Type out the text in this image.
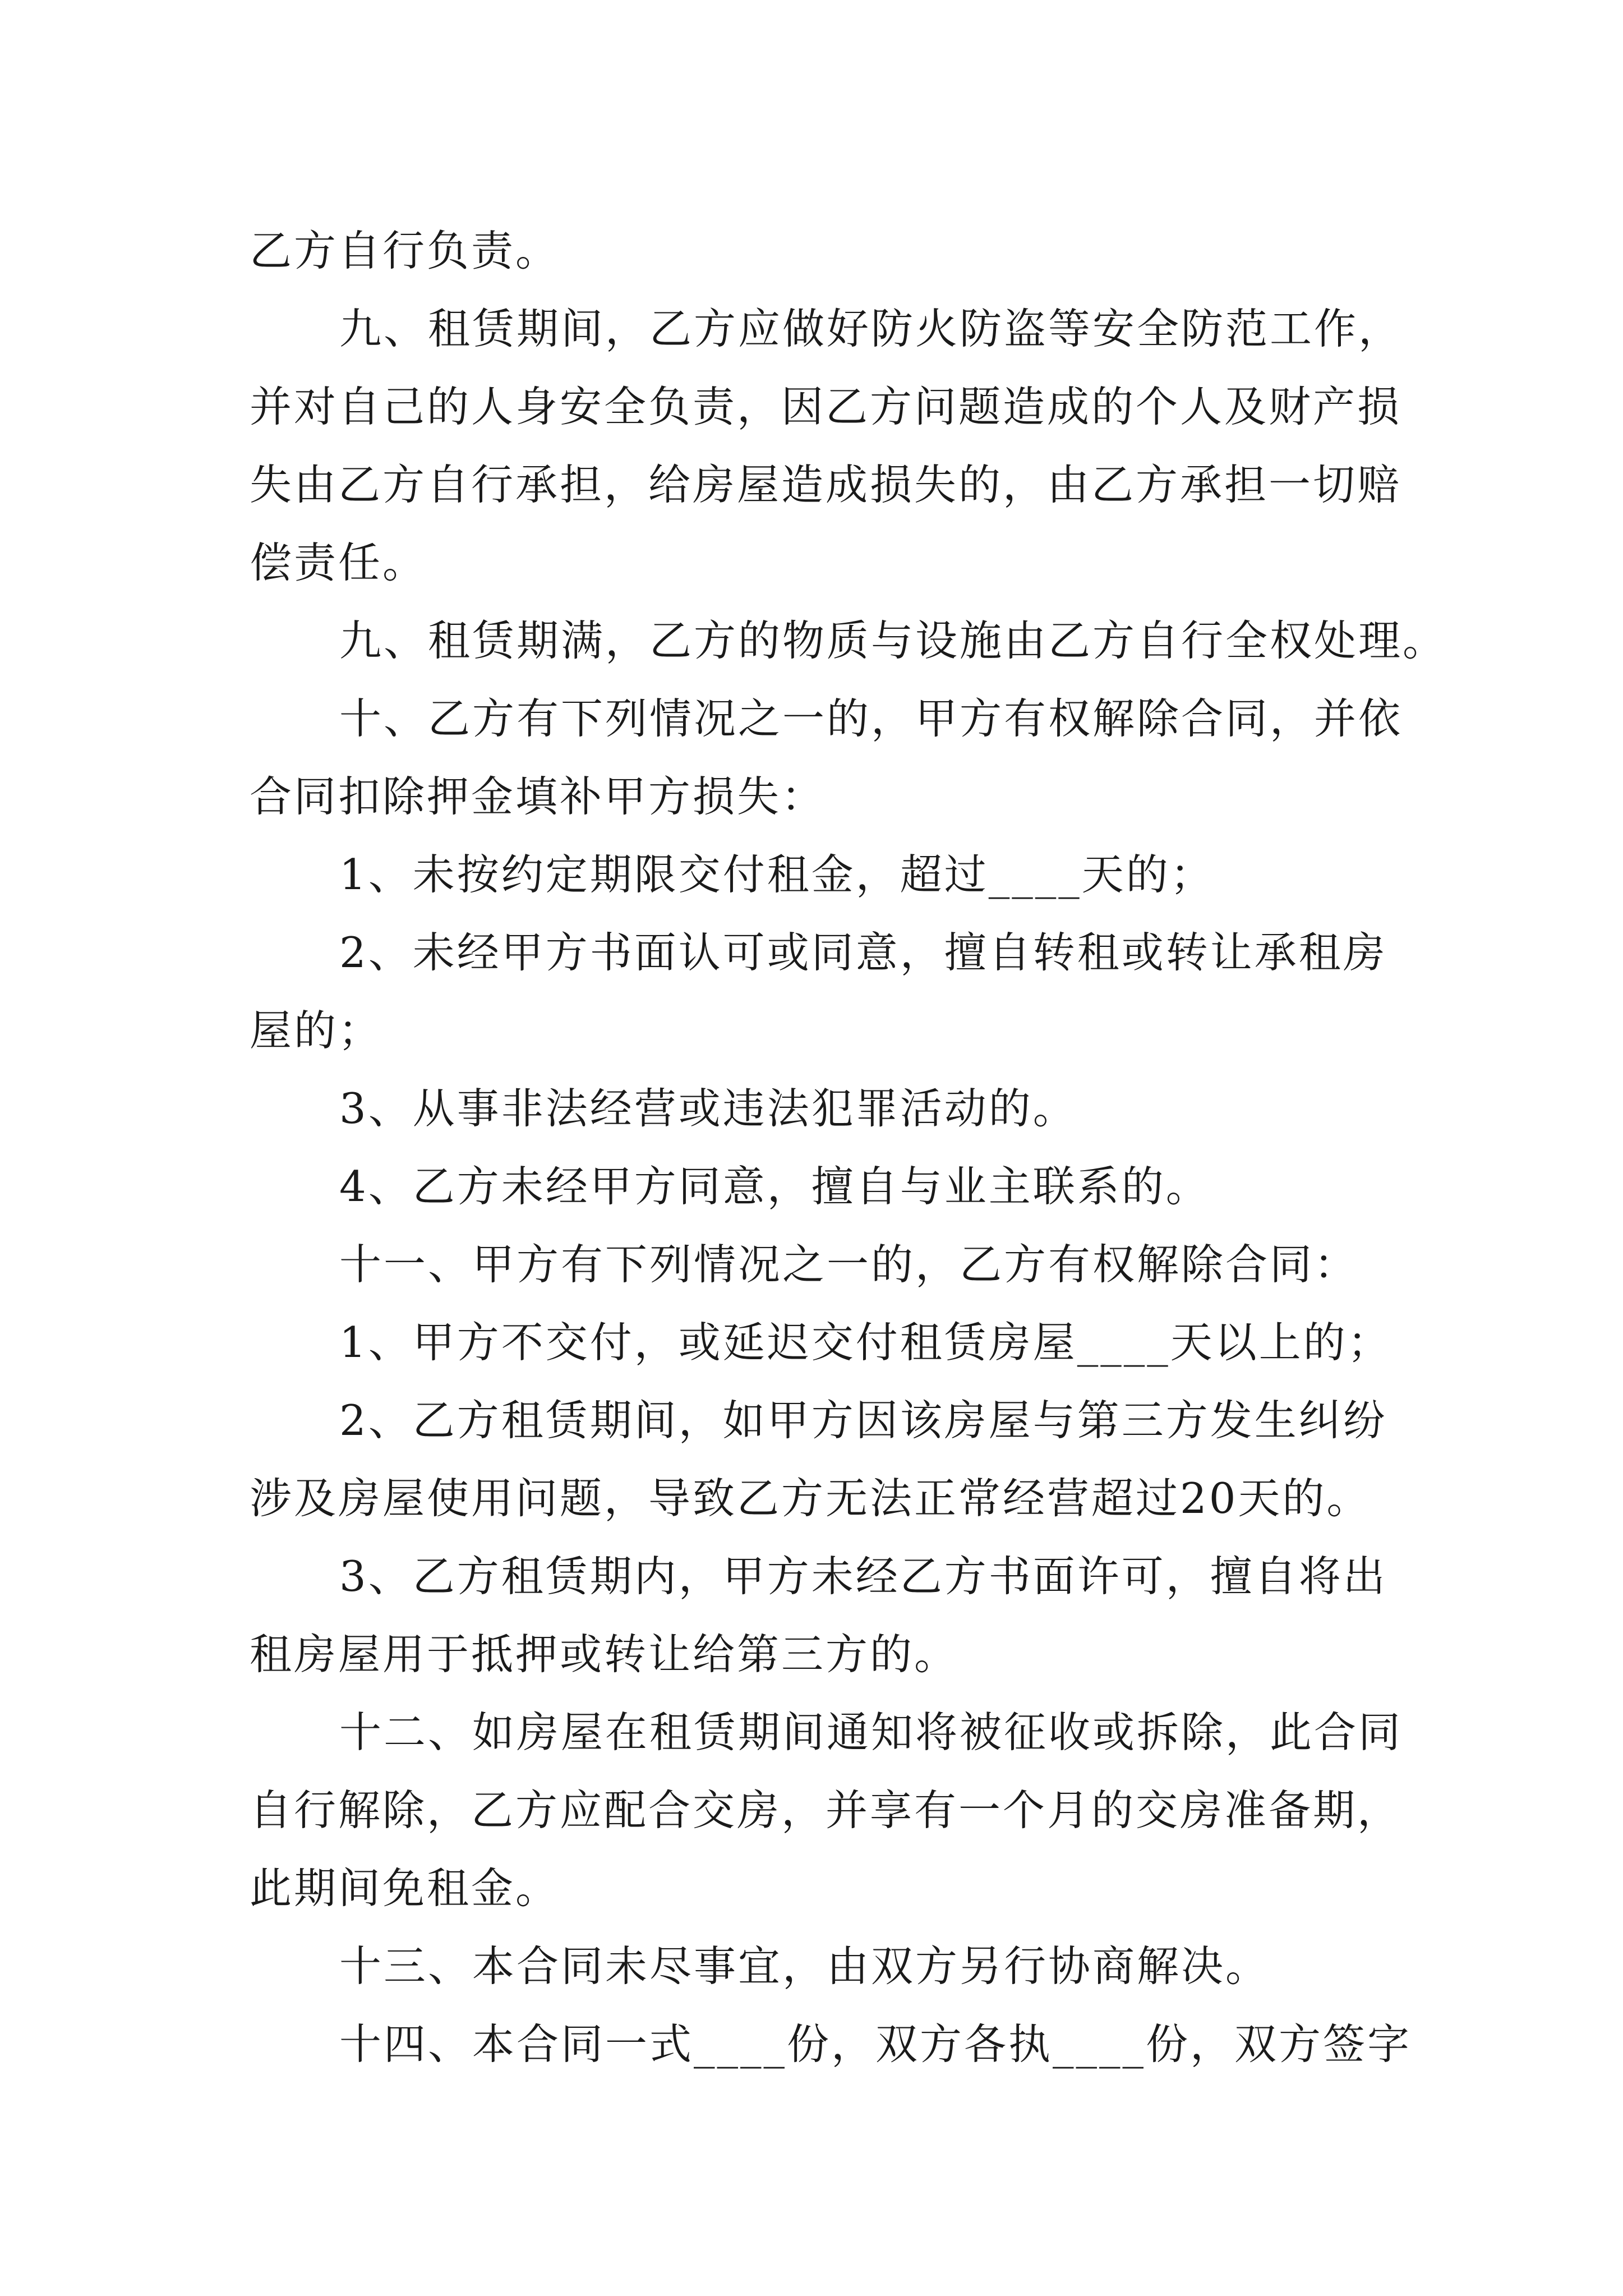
乙方自行负责。
九、租赁期间，乙方应做好防火防盗等安全防范工作，
并对自己的人身安全负责，因乙方问题造成的个人及财产损
失由乙方自行承担，给房屋造成损失的，由乙方承担一切赔
偿责任。
九、租赁期满，乙方的物质与设施由乙方自行全权处理。
十、乙方有下列情况之一的，甲方有权解除合同，并依
合同扣除押金填补甲方损失：
1、未按约定期限交付租金，超过____天的；
2、未经甲方书面认可或同意，擅自转租或转让承租房
屋的；
3、从事非法经营或违法犯罪活动的。
4、乙方未经甲方同意，擅自与业主联系的。
十一、甲方有下列情况之一的，乙方有权解除合同：
1、甲方不交付，或延迟交付租赁房屋____天以上的；
2、乙方租赁期间，如甲方因该房屋与第三方发生纠纷
涉及房屋使用问题，导致乙方无法正常经营超过20天的。
3、乙方租赁期内，甲方未经乙方书面许可，擅自将出
租房屋用于抵押或转让给第三方的。
十二、如房屋在租赁期间通知将被征收或拆除，此合同
自行解除，乙方应配合交房，并享有一个月的交房准备期，
此期间免租金。
十三、本合同未尽事宜，由双方另行协商解决。
十四、本合同一式____份，双方各执____份，双方签字
